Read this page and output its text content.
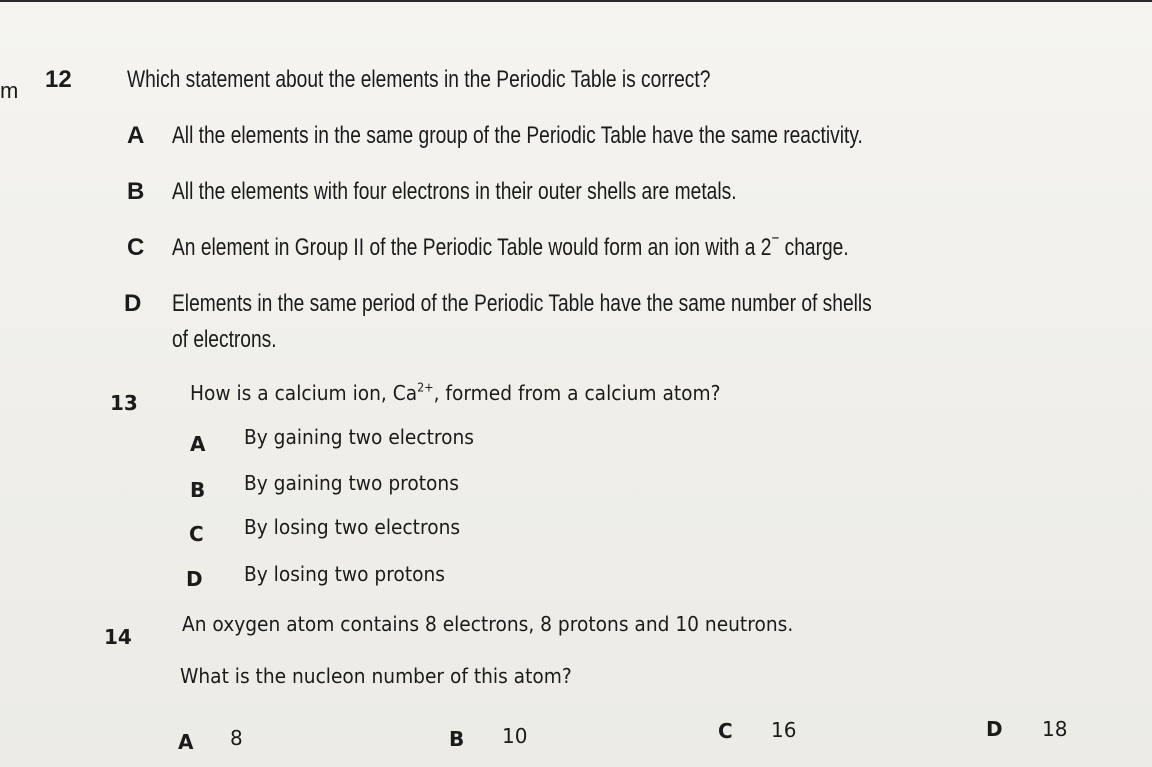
m 12 Which statement about the elements in the Periodic Table is correct?
A All the elements in the same group of the Periodic Table have the same reactivity.
B All the elements with four electrons in their outer shells are metals.
C An element in Group II of the Periodic Table would form an ion with a 2− charge.
D Elements in the same period of the Periodic Table have the same number of shells
of electrons.
13	How is a calcium ion, $Ca^{2+}$, formed from a calcium atom?
A By gaining two electrons
B By gaining two protons
C By losing two electrons
D By losing two protons
14
An oxygen atom contains 8 electrons, 8 protons and 10 neutrons.
What is the nucleon number of this atom?
A 8	B 10	C 16	D 18
